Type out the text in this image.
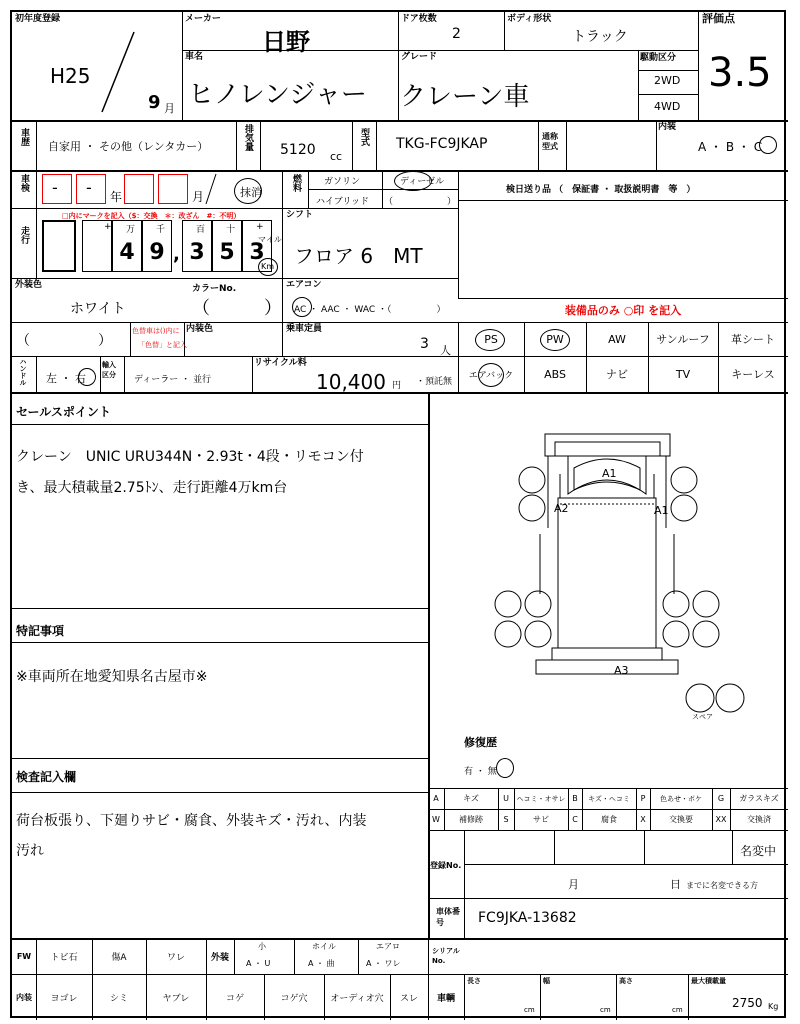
初年度登録
H25
9 月
メーカー
日野
ドア枚数
2
ボディ形状
トラック
評価点
3.5
車名
ヒノレンジャー
グレード
クレーン車
駆動区分
2WD
4WD
車歴
自家用 ・ その他（レンタカー）	排気量 5120 cc
型式 TKG-FC9JKAP	通称型式
内装
A ・ B ・ C
車検 - - 年	月	抹消
燃料	ガソリン	ディーゼル
ハイブリッド （　　　　　　）
検日送り品 （　保証書 ・ 取扱説明書　等　）
走行
□内にマークを記入（$：交換　＊：改ざん　#：不明）
+ 万 千	百 十 +
4 9 , 3 5 3
マイル
Km
シフト
フロア 6　MT
外装色
ホワイト
カラーNo.
（　　　）
エアコン
AC ・ AAC ・ WAC ・（　　　　　）	装備品のみ ○印 を記入
（	）
色替車は()内に
「色替」と記入
内装色	乗車定員
3 人
PS	PW	AW	サンルーフ 革シート
ハンドル 左 ・ 右
輸入区分	ディーラー ・ 並行
リサイクル料
10,400 円 ・預託無
エアバック	ABS	ナビ	TV	キーレス
セールスポイント
クレーン　UNIC URU344N・2.93t・4段・リモコン付
き、最大積載量2.75ﾄﾝ、走行距離4万km台
特記事項
※車両所在地愛知県名古屋市※
検査記入欄
荷台板張り、下廻りサビ・腐食、外装キズ・汚れ、内装
汚れ
A1
A2	A1
A3
スペア
修復歴
有 ・ 無
A	キズ	U	ヘコミ・オサレ B	キズ・ヘコミ	P	色あせ・ボケ	G	ガラスキズ
W	補修跡	S	サビ	C	腐食	X	交換要	XX	交換済
登録No.
名変中
月	日 までに名変できる方
車体番号	FC9JKA-13682
FW	トビ石	傷A	ワレ	外装
小
A ・ U
ホイル
A ・ 曲
エアロ
A ・ ワレ
シリアルNo.
内装	ヨゴレ	シミ	ヤブレ	コゲ	コゲ穴	オーディオ穴	スレ	車輌
長さ
cm
幅
cm
高さ
cm
最大積載量
2750 Kg
